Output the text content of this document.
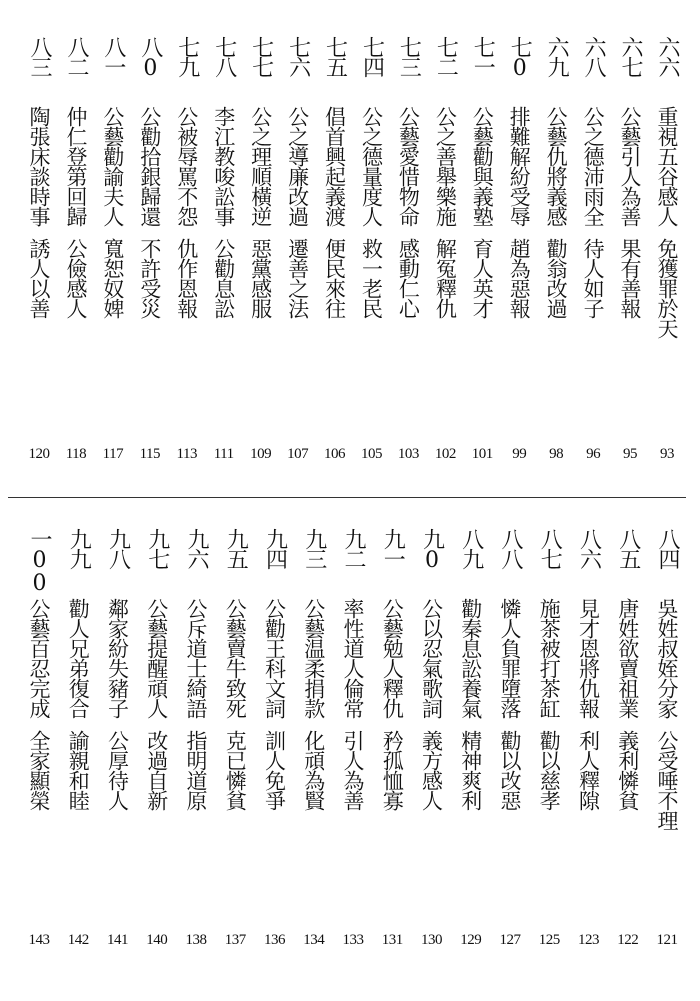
六六
重視五谷感人
免獲罪於天
93
六七
公藝引人為善
果有善報
95
六八
公之德沛雨全
待人如子
96
六九
公藝仇將義感
勸翁改過
98
七0
排難解紛受辱
趙為惡報
99
七一
公藝勸與義塾
育人英才
101
七二
公之善舉樂施
解冤釋仇
102
七三
公藝愛惜物命
感動仁心
103
七四
公之德量度人
救一老民
105
七五
倡首興起義渡
便民來往
106
七六
公之導廉改過
遷善之法
107
七七
公之理順橫逆
惡黨感服
109
七八
李江教唆訟事
公勸息訟
111
七九
公被辱罵不怨
仇作恩報
113
八0
公勸拾銀歸還
不許受災
115
八一
公藝勸諭夫人
寬恕奴婢
117
八二
仲仁登第回歸
公儉感人
118
八三
陶張床談時事
誘人以善
120
八四
吳姓叔姪分家
公受唾不理
121
八五
唐姓欲賣祖業
義利憐貧
122
八六
見才恩將仇報
利人釋隙
123
八七
施茶被打茶缸
勸以慈孝
125
八八
憐人負罪墮落
勸以改惡
127
八九
勸秦息訟養氣
精神爽利
129
九0
公以忍氣歌詞
義方感人
130
九一
公藝勉人釋仇
矜孤恤寡
131
九二
率性道人倫常
引人為善
133
九三
公藝温柔捐款
化頑為賢
134
九四
公勸王科文詞
訓人免爭
136
九五
公藝賣牛致死
克已憐貧
137
九六
公斥道士綺語
指明道原
138
九七
公藝提醒頑人
改過自新
140
九八
鄰家紛失豬子
公厚待人
141
九九
勸人兄弟復合
諭親和睦
142
一00
公藝百忍完成
全家顯榮
143
